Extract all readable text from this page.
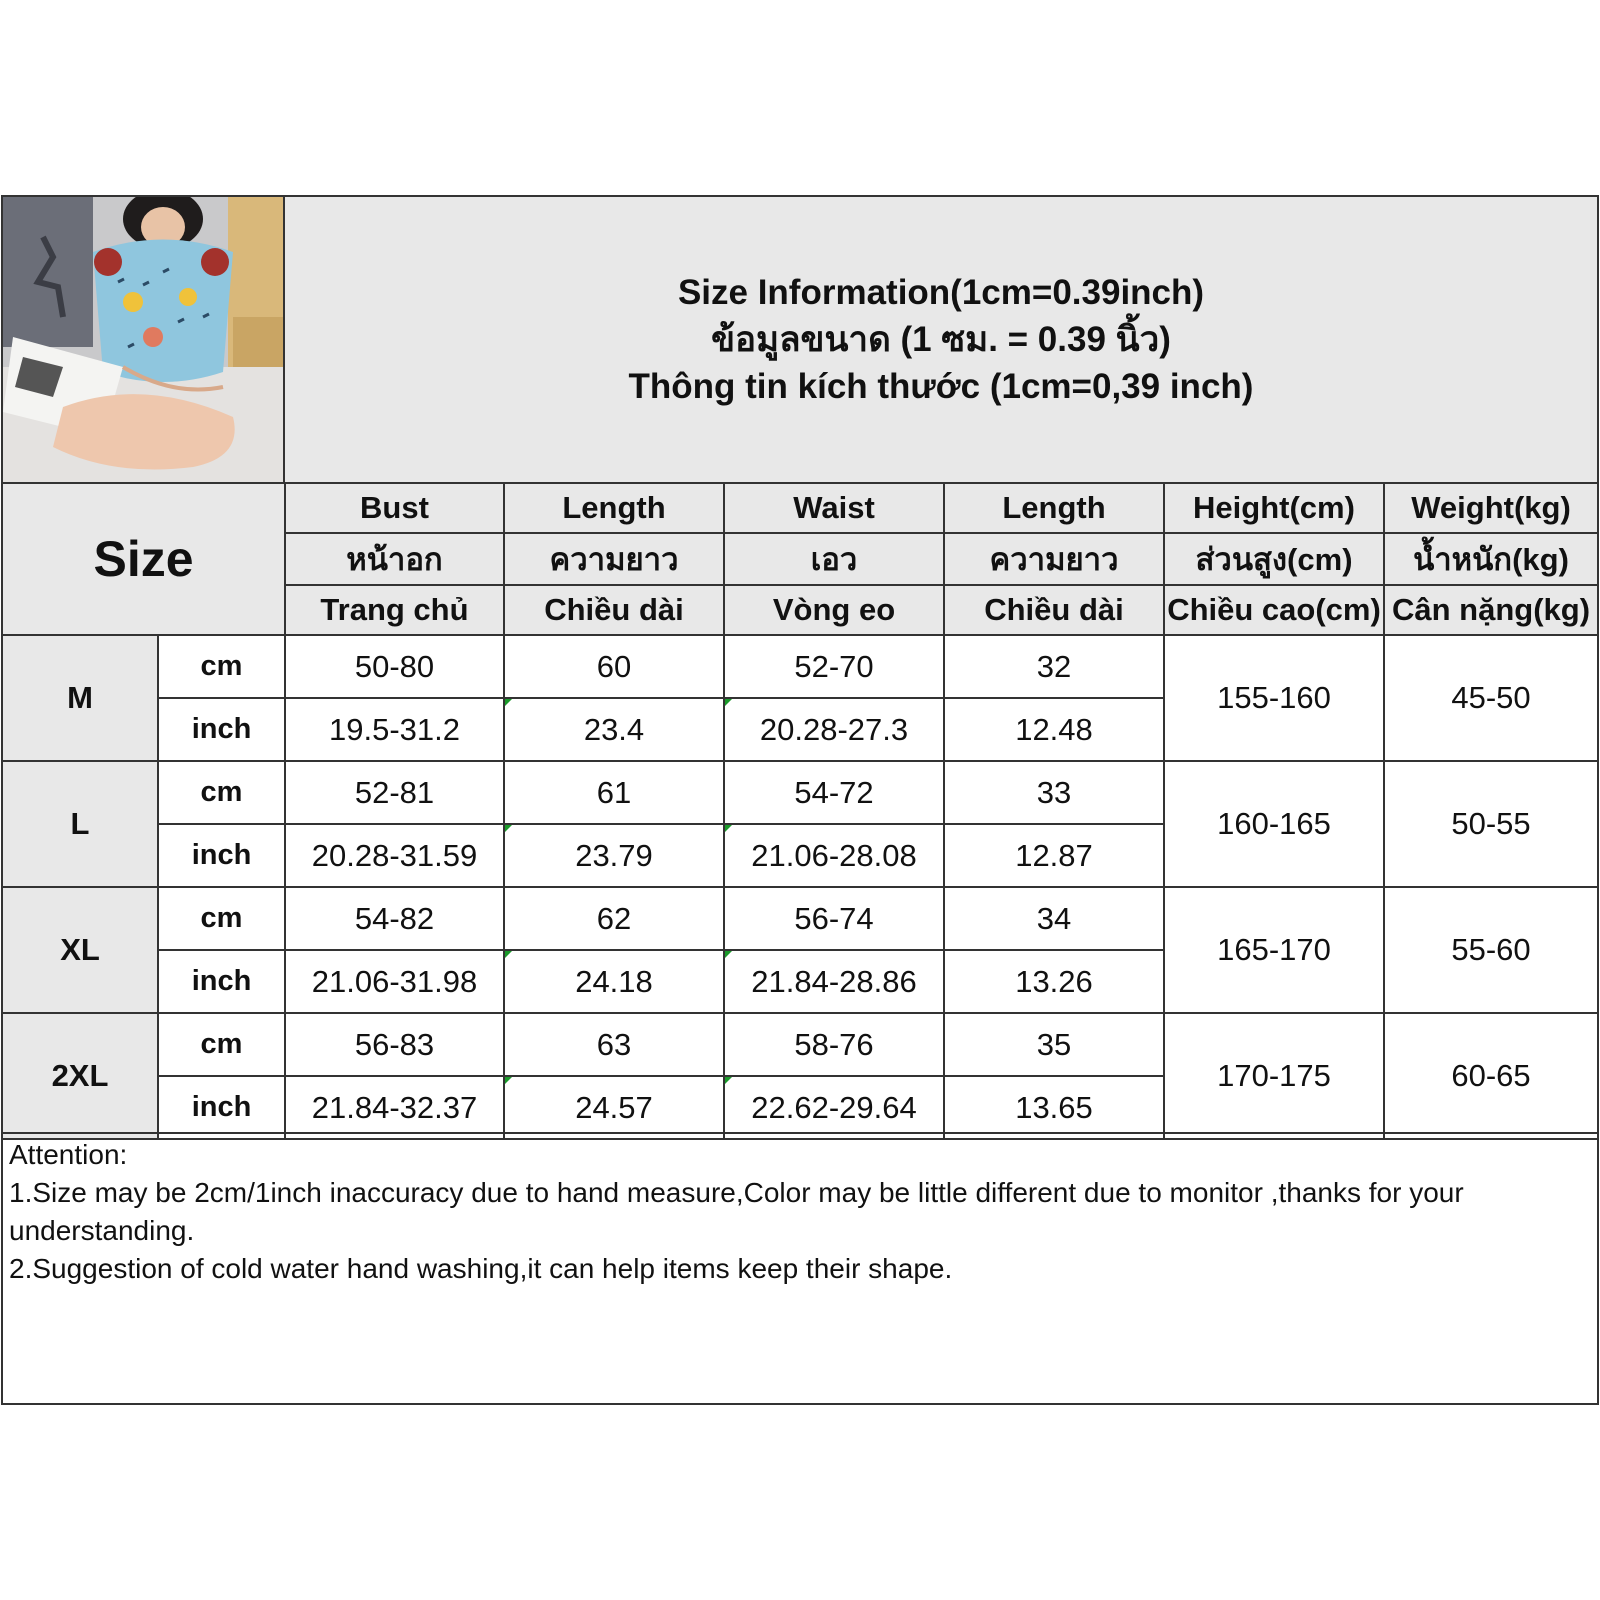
Size Information(1cm=0.39inch)
ข้อมูลขนาด (1 ซม. = 0.39 นิ้ว)
Thông tin kích thước (1cm=0,39 inch)
Size		Bust	Length	Waist	Length	Height(cm)	Weight(kg)
		หน้าอก	ความยาว	เอว	ความยาว	ส่วนสูง(cm)	น้ำหนัก(kg)
		Trang chủ	Chiều dài	Vòng eo	Chiều dài	Chiều cao(cm)	Cân nặng(kg)
M	cm	50-80	60	52-70	32	155-160	45-50
	inch	19.5-31.2	23.4	20.28-27.3	12.48		
L	cm	52-81	61	54-72	33	160-165	50-55
	inch	20.28-31.59	23.79	21.06-28.08	12.87		
XL	cm	54-82	62	56-74	34	165-170	55-60
	inch	21.06-31.98	24.18	21.84-28.86	13.26		
2XL	cm	56-83	63	58-76	35	170-175	60-65
	inch	21.84-32.37	24.57	22.62-29.64	13.65		
Attention:
1.Size may be 2cm/1inch inaccuracy due to hand measure,Color may be little different due to monitor ,thanks for your understanding.
2.Suggestion of cold water hand washing,it can help items keep their shape.
